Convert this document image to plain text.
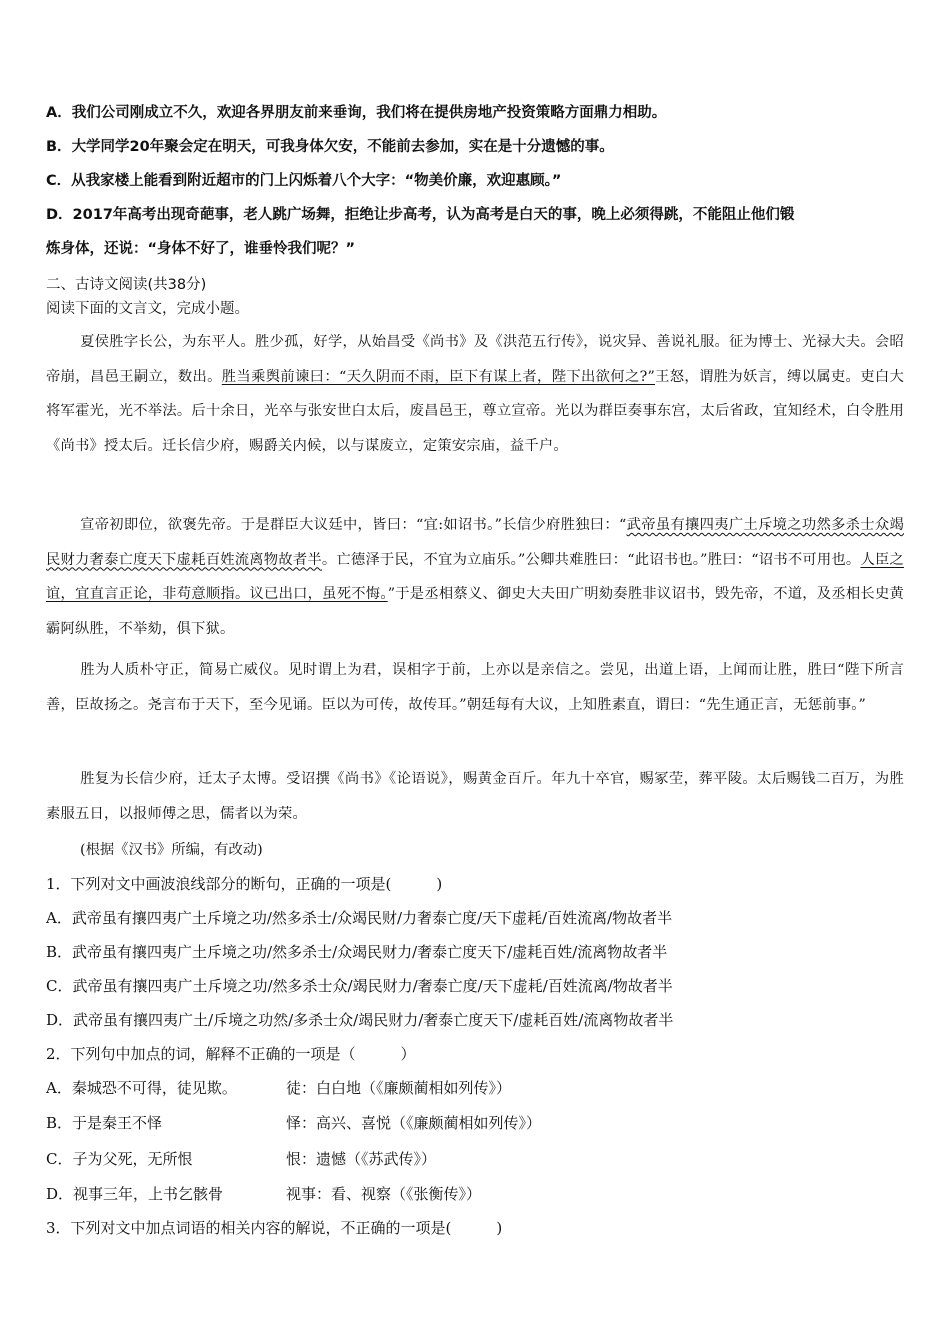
A．我们公司刚成立不久，欢迎各界朋友前来垂询，我们将在提供房地产投资策略方面鼎力相助。
B．大学同学20年聚会定在明天，可我身体欠安，不能前去参加，实在是十分遗憾的事。
C．从我家楼上能看到附近超市的门上闪烁着八个大字：“物美价廉，欢迎惠顾。”
D．2017年高考出现奇葩事，老人跳广场舞，拒绝让步高考，认为高考是白天的事，晚上必须得跳，不能阻止他们锻
炼身体，还说：“身体不好了，谁垂怜我们呢？”
二、古诗文阅读(共38分)
阅读下面的文言文，完成小题。
夏侯胜字长公，为东平人。胜少孤，好学，从始昌受《尚书》及《洪范五行传》，说灾异、善说礼服。征为博士、光禄大夫。会昭帝崩，昌邑王嗣立，数出。胜当乘舆前谏曰：“天久阴而不雨，臣下有谋上者，陛下出欲何之?”王怒，谓胜为妖言，缚以属吏。吏白大将军霍光，光不举法。后十余日，光卒与张安世白太后，废昌邑王，尊立宣帝。光以为群臣奏事东宫，太后省政，宜知经术，白令胜用《尚书》授太后。迁长信少府，赐爵关内候，以与谋废立，定策安宗庙，益千户。
宣帝初即位，欲褒先帝。于是群臣大议廷中，皆曰：“宜:如诏书。”长信少府胜独曰：“武帝虽有攘四夷广土斥境之功然多杀士众竭民财力奢泰亡度天下虚耗百姓流离物故者半。亡德泽于民，不宜为立庙乐。”公卿共难胜曰：“此诏书也。”胜曰：“诏书不可用也。人臣之谊，宜直言正论，非苟意顺指。议已出口，虽死不悔。”于是丞相蔡义、御史大夫田广明劾奏胜非议诏书，毁先帝，不道，及丞相长史黄霸阿纵胜，不举劾，俱下狱。
胜为人质朴守正，简易亡威仪。见时谓上为君，误相字于前，上亦以是亲信之。尝见，出道上语，上闻而让胜，胜曰“陛下所言善，臣故扬之。尧言布于天下，至今见诵。臣以为可传，故传耳。”朝廷每有大议，上知胜素直，谓曰：“先生通正言，无惩前事。”
胜复为长信少府，迁太子太博。受诏撰《尚书》《论语说》，赐黄金百斤。年九十卒官，赐冢茔，葬平陵。太后赐钱二百万，为胜素服五日，以报师傅之思，儒者以为荣。
(根据《汉书》所编，有改动)
1．下列对文中画波浪线部分的断句，正确的一项是(　　　)
A．武帝虽有攘四夷广土斥境之功/然多杀士/众竭民财/力奢泰亡度/天下虚耗/百姓流离/物故者半
B．武帝虽有攘四夷广土斥境之功/然多杀士/众竭民财力/奢泰亡度天下/虚耗百姓/流离物故者半
C．武帝虽有攘四夷广土斥境之功/然多杀士众/竭民财力/奢泰亡度/天下虚耗/百姓流离/物故者半
D．武帝虽有攘四夷广土/斥境之功然/多杀士众/竭民财力/奢泰亡度天下/虚耗百姓/流离物故者半
2．下列句中加点的词，解释不正确的一项是（　　　）
A．秦城恐不可得，徒见欺。	徒：白白地（《廉颇蔺相如列传》）
B．于是秦王不怿	怿：高兴、喜悦（《廉颇蔺相如列传》）
C．子为父死，无所恨	恨：遗憾（《苏武传》）
D．视事三年，上书乞骸骨	视事：看、视察（《张衡传》）
3．下列对文中加点词语的相关内容的解说，不正确的一项是(　　　)
